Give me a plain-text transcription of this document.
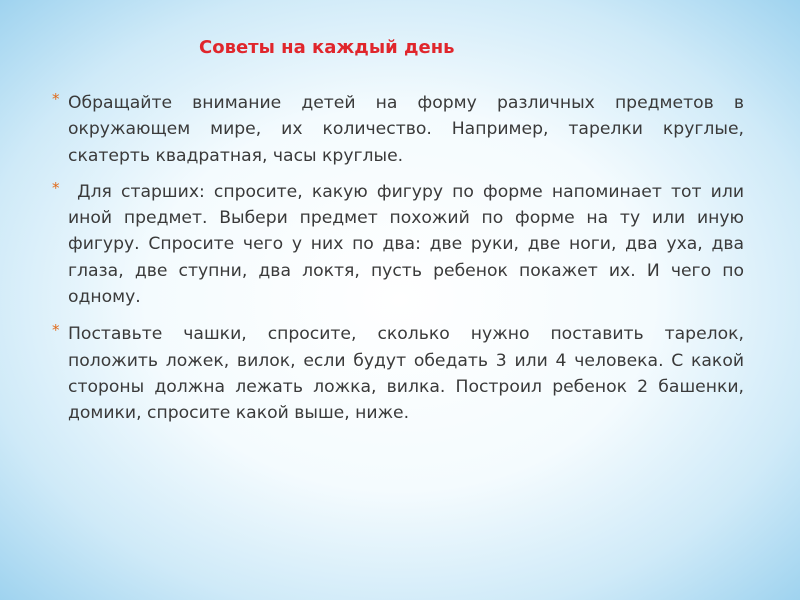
Советы на каждый день

* Обращайте внимание детей на форму различных предметов в окружающем мире, их количество. Например, тарелки круглые, скатерть квадратная, часы круглые.

* Для старших: спросите, какую фигуру по форме напоминает тот или иной предмет. Выбери предмет похожий по форме на ту или иную фигуру. Спросите чего у них по два: две руки, две ноги, два уха, два глаза, две ступни, два локтя, пусть ребенок покажет их. И чего по одному.

* Поставьте чашки, спросите, сколько нужно поставить тарелок, положить ложек, вилок, если будут обедать 3 или 4 человека. С какой стороны должна лежать ложка, вилка. Построил ребенок 2 башенки, домики, спросите какой выше, ниже.
